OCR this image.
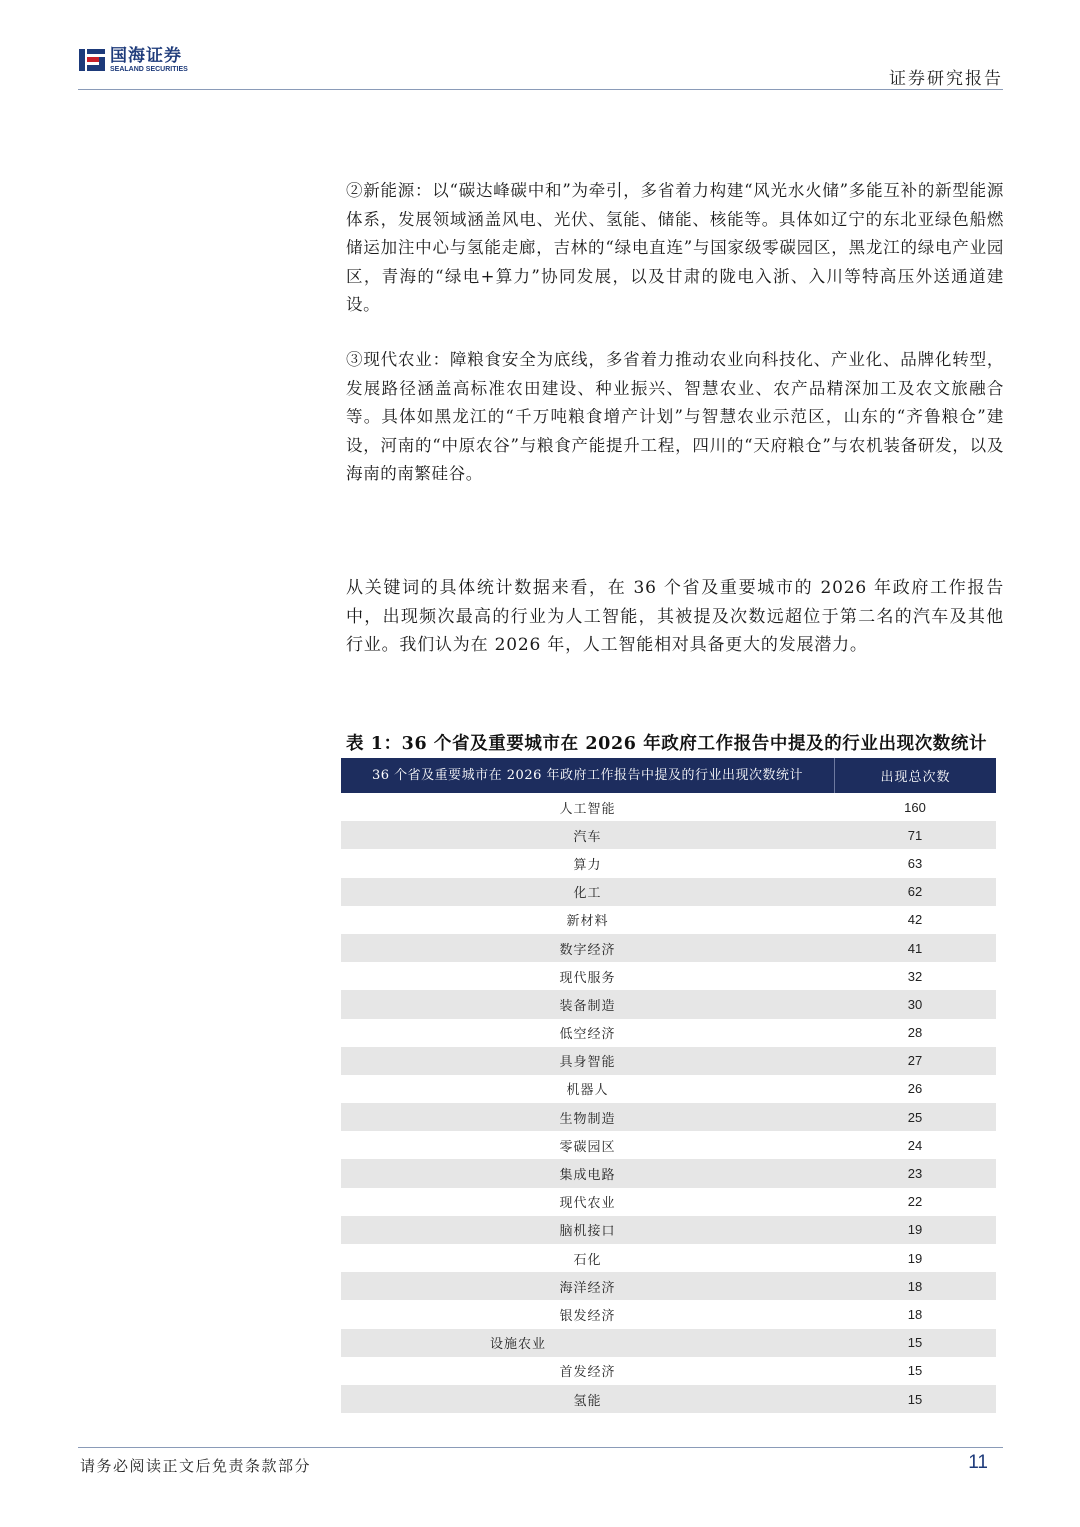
国海证券
SEALAND SECURITIES	证券研究报告
②新能源：以“碳达峰碳中和”为牵引，多省着力构建“风光水火储”多能互补的新型能源体系，发展领域涵盖风电、光伏、氢能、储能、核能等。具体如辽宁的东北亚绿色船燃储运加注中心与氢能走廊，吉林的“绿电直连”与国家级零碳园区，黑龙江的绿电产业园区，青海的“绿电+算力”协同发展，以及甘肃的陇电入浙、入川等特高压外送通道建设。
③现代农业：障粮食安全为底线，多省着力推动农业向科技化、产业化、品牌化转型，发展路径涵盖高标准农田建设、种业振兴、智慧农业、农产品精深加工及农文旅融合等。具体如黑龙江的“千万吨粮食增产计划”与智慧农业示范区，山东的“齐鲁粮仓”建设，河南的“中原农谷”与粮食产能提升工程，四川的“天府粮仓”与农机装备研发，以及海南的南繁硅谷。
从关键词的具体统计数据来看，在 36 个省及重要城市的 2026 年政府工作报告中，出现频次最高的行业为人工智能，其被提及次数远超位于第二名的汽车及其他行业。我们认为在 2026 年，人工智能相对具备更大的发展潜力。
表 1：36 个省及重要城市在 2026 年政府工作报告中提及的行业出现次数统计
36 个省及重要城市在 2026 年政府工作报告中提及的行业出现次数统计	出现总次数
人工智能	160
汽车	71
算力	63
化工	62
新材料	42
数字经济	41
现代服务	32
装备制造	30
低空经济	28
具身智能	27
机器人	26
生物制造	25
零碳园区	24
集成电路	23
现代农业	22
脑机接口	19
石化	19
海洋经济	18
银发经济	18
设施农业	15
首发经济	15
氢能	15
请务必阅读正文后免责条款部分	11
